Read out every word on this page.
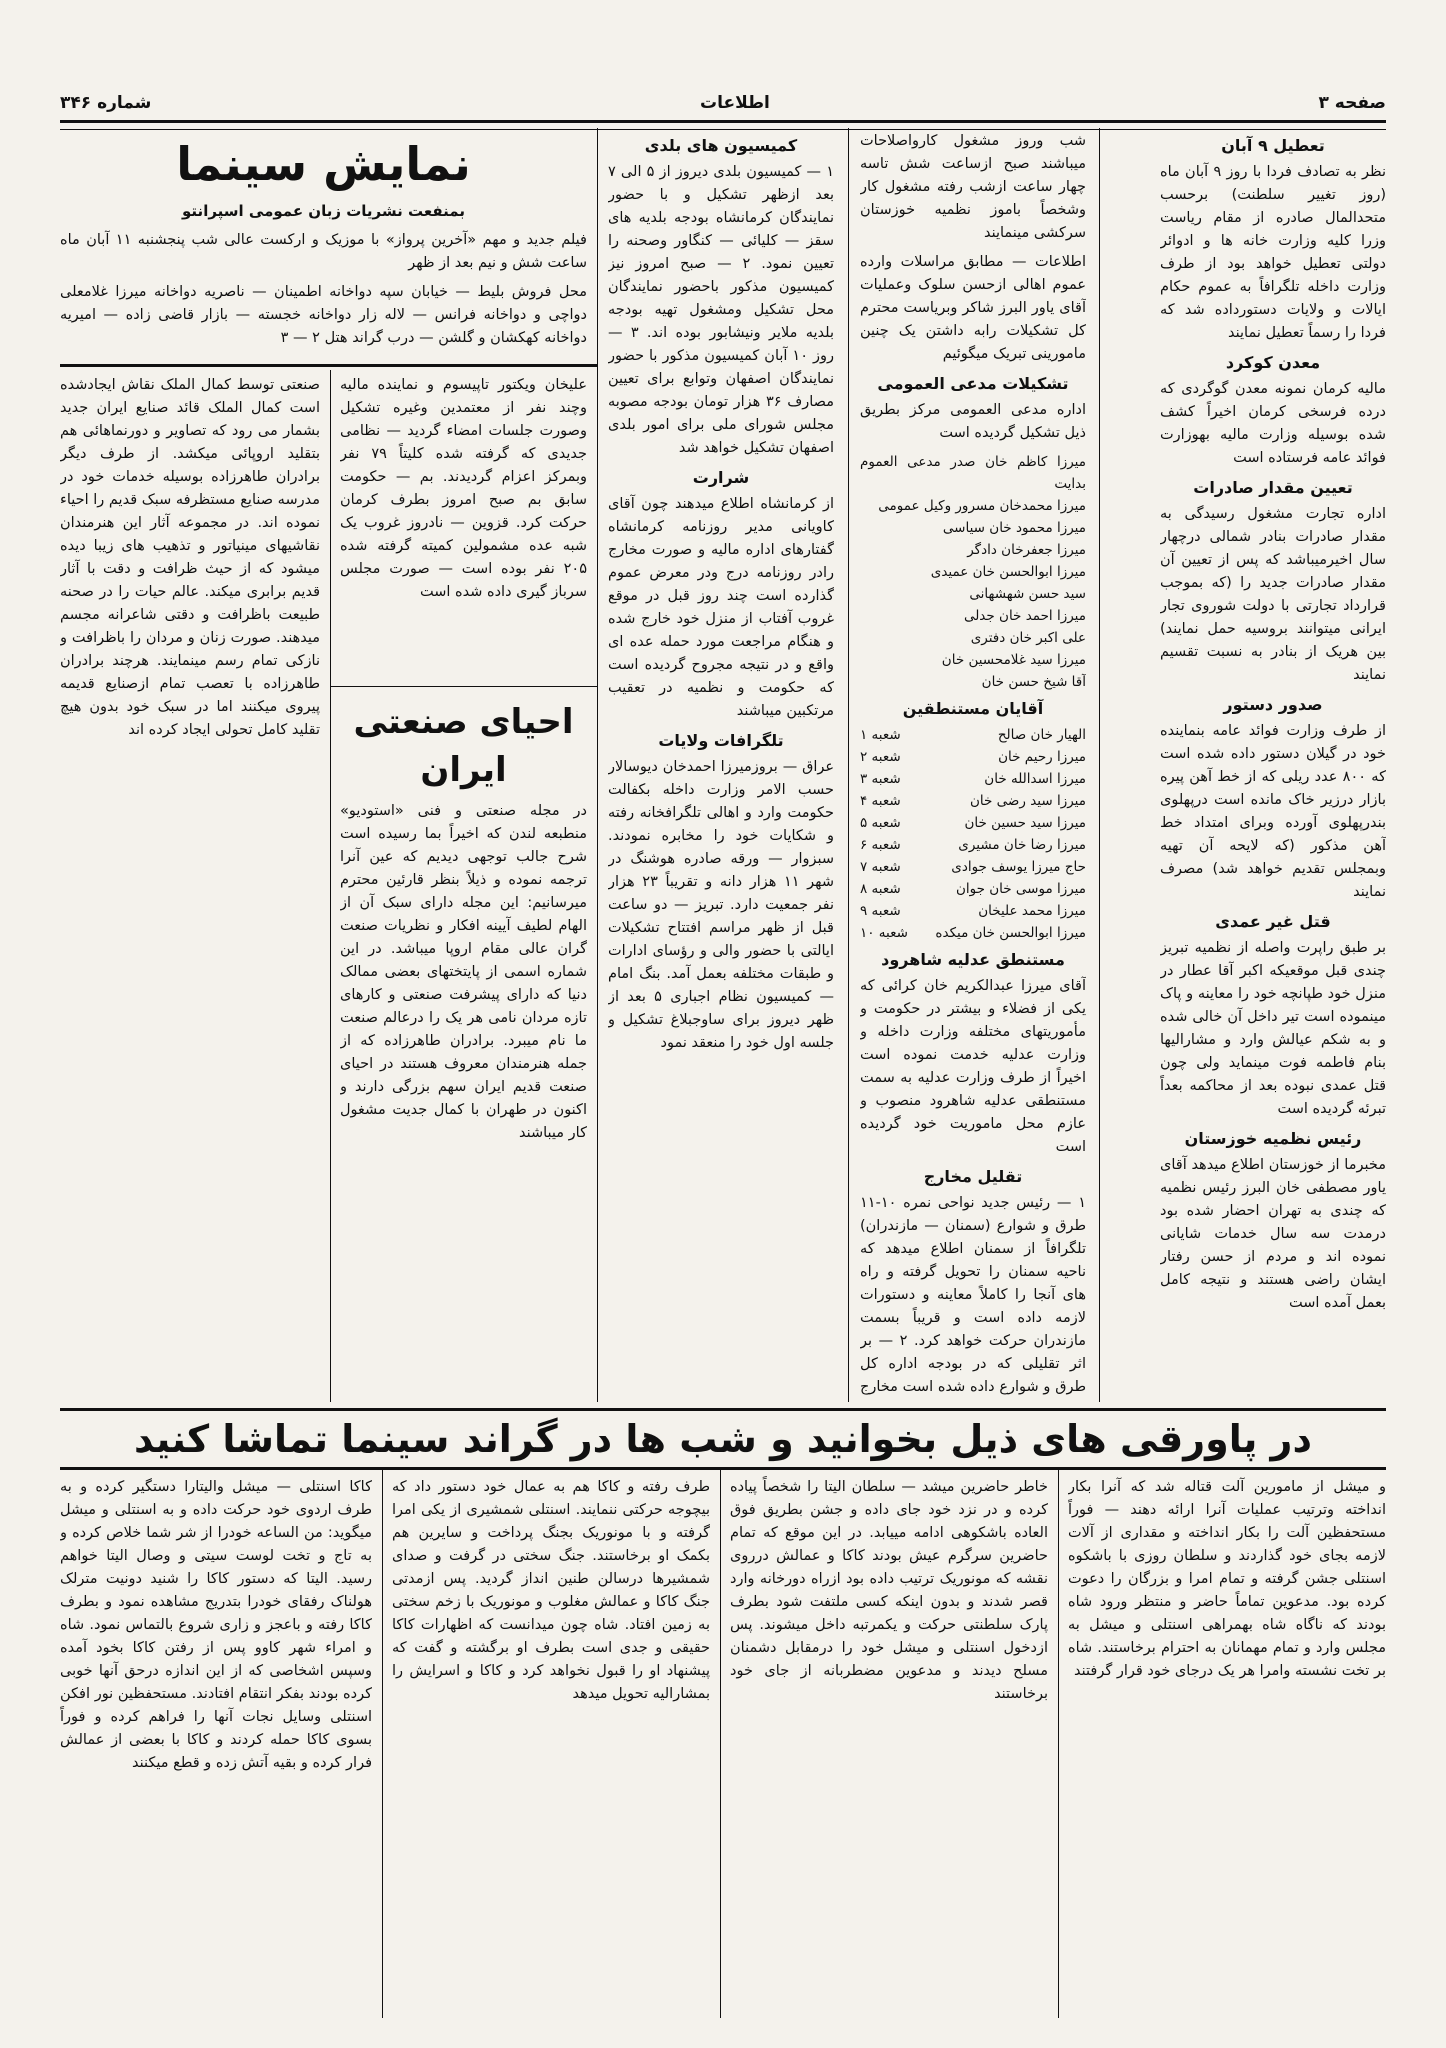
صفحه ۳
اطلاعات
شماره ۳۴۶
تعطیل ۹ آبان

نظر به تصادف فردا با روز ۹ آبان ماه (روز تغییر سلطنت) برحسب متحدالمال صادره از مقام ریاست وزرا کلیه وزارت خانه ها و ادوائر دولتی تعطیل خواهد بود از طرف وزارت داخله تلگرافاً به عموم حکام ایالات و ولایات دستورداده شد که فردا را رسماً تعطیل نمایند

معدن کوکرد

مالیه کرمان نمونه معدن گوگردی که درده فرسخی کرمان اخیراً کشف شده بوسیله وزارت مالیه بهوزارت فوائد عامه فرستاده است

تعیین مقدار صادرات

اداره تجارت مشغول رسیدگی به مقدار صادرات بنادر شمالی درچهار سال اخیرمیباشد که پس از تعیین آن مقدار صادرات جدید را (که بموجب قرارداد تجارتی با دولت شوروی تجار ایرانی میتوانند بروسیه حمل نمایند) بین هریک از بنادر به نسبت تقسیم نمایند

صدور دستور

از طرف وزارت فوائد عامه بنماینده خود در گیلان دستور داده شده است که ۸۰۰ عدد ریلی که از خط آهن پیره بازار درزیر خاک مانده است درپهلوی بندرپهلوی آورده وبرای امتداد خط آهن مذکور (که لایحه آن تهیه وبمجلس تقدیم خواهد شد) مصرف نمایند

قتل غیر عمدی

بر طبق راپرت واصله از نظمیه تبریز چندی قبل موقعیکه اکبر آقا عطار در منزل خود طپانچه خود را معاینه و پاک مینموده است تیر داخل آن خالی شده و به شکم عیالش وارد و مشارالیها بنام فاطمه فوت مینماید ولی چون قتل عمدی نبوده بعد از محاکمه بعداً تبرئه گردیده است

رئیس نظمیه خوزستان

مخبرما از خوزستان اطلاع میدهد آقای یاور مصطفی خان البرز رئیس نظمیه که چندی به تهران احضار شده بود درمدت سه سال خدمات شایانی نموده اند و مردم از حسن رفتار ایشان راضی هستند و نتیجه کامل بعمل آمده است

شب وروز مشغول کارواصلاحات میباشند صبح ازساعت شش تاسه چهار ساعت ازشب رفته مشغول کار وشخصاً باموز نظمیه خوزستان سرکشی مینمایند

اطلاعات — مطابق مراسلات وارده عموم اهالی ازحسن سلوک وعملیات آقای یاور البرز شاکر وبریاست محترم کل تشکیلات رابه داشتن یک چنین مامورینی تبریک میگوئیم

تشکیلات مدعی العمومی

اداره مدعی العمومی مرکز بطریق ذیل تشکیل گردیده است

میرزا کاظم خان صدر مدعی العموم بدایت
میرزا محمدخان مسرور وکیل عمومی
میرزا محمود خان سیاسی
میرزا جعفرخان دادگر
میرزا ابوالحسن خان عمیدی
سید حسن شهشهانی
میرزا احمد خان جدلی
علی اکبر خان دفتری
میرزا سید غلامحسین خان
آقا شیخ حسن خان
آقایان مستنطقین
الهیار خان صالح
شعبه ۱
میرزا رحیم خان
شعبه ۲
میرزا اسدالله خان
شعبه ۳
میرزا سید رضی خان
شعبه ۴
میرزا سید حسین خان
شعبه ۵
میرزا رضا خان مشیری
شعبه ۶
حاج میرزا یوسف جوادی
شعبه ۷
میرزا موسی خان جوان
شعبه ۸
میرزا محمد علیخان
شعبه ۹
میرزا ابوالحسن خان میکده
شعبه ۱۰
مستنطق عدلیه شاهرود

آقای میرزا عبدالکریم خان کرائی که یکی از فضلاء و بیشتر در حکومت و مأموریتهای مختلفه وزارت داخله و وزارت عدلیه خدمت نموده است اخیراً از طرف وزارت عدلیه به سمت مستنطقی عدلیه شاهرود منصوب و عازم محل ماموریت خود گردیده است

تقلیل مخارج

۱ — رئیس جدید نواحی نمره ۱۰-۱۱ طرق و شوارع (سمنان — مازندران) تلگرافاً از سمنان اطلاع میدهد که ناحیه سمنان را تحویل گرفته و راه های آنجا را کاملاً معاینه و دستورات لازمه داده است و قریباً بسمت مازندران حرکت خواهد کرد. ۲ — بر اثر تقلیلی که در بودجه اداره کل طرق و شوارع داده شده است مخارج

کمیسیون های بلدی

۱ — کمیسیون بلدی دیروز از ۵ الی ۷ بعد ازظهر تشکیل و با حضور نمایندگان کرمانشاه بودجه بلدیه های سقز — کلیائی — کنگاور وصحنه را تعیین نمود. ۲ — صبح امروز نیز کمیسیون مذکور باحضور نمایندگان محل تشکیل ومشغول تهیه بودجه بلدیه ملایر ونیشابور بوده اند. ۳ — روز ۱۰ آبان کمیسیون مذکور با حضور نمایندگان اصفهان وتوابع برای تعیین مصارف ۳۶ هزار تومان بودجه مصوبه مجلس شورای ملی برای امور بلدی اصفهان تشکیل خواهد شد

شرارت

از کرمانشاه اطلاع میدهند چون آقای کاویانی مدیر روزنامه کرمانشاه گفتارهای اداره مالیه و صورت مخارج رادر روزنامه درج ودر معرض عموم گذارده است چند روز قبل در موقع غروب آفتاب از منزل خود خارج شده و هنگام مراجعت مورد حمله عده ای واقع و در نتیجه مجروح گردیده است که حکومت و نظمیه در تعقیب مرتکبین میباشند

تلگرافات ولایات

عراق — بروزمیرزا احمدخان دیوسالار حسب الامر وزارت داخله بکفالت حکومت وارد و اهالی تلگرافخانه رفته و شکایات خود را مخابره نمودند. سبزوار — ورقه صادره هوشنگ در شهر ۱۱ هزار دانه و تقریباً ۲۳ هزار نفر جمعیت دارد. تبریز — دو ساعت قبل از ظهر مراسم افتتاح تشکیلات ایالتی با حضور والی و رؤسای ادارات و طبقات مختلفه بعمل آمد. بنگ امام — کمیسیون نظام اجباری ۵ بعد از ظهر دیروز برای ساوجبلاغ تشکیل و جلسه اول خود را منعقد نمود

نمایش سینما
بمنفعت نشریات زبان عمومی اسپرانتو

فیلم جدید و مهم «آخرین پرواز» با موزیک و ارکست عالی شب پنجشنبه ۱۱ آبان ماه ساعت شش و نیم بعد از ظهر

محل فروش بلیط — خیابان سپه دواخانه اطمینان — ناصریه دواخانه میرزا غلامعلی دواچی و دواخانه فرانس — لاله زار دواخانه خجسته — بازار قاضی زاده — امیریه دواخانه کهکشان و گلشن — درب گراند هتل ۲ — ۳

علیخان ویکتور تاپیسوم و نماینده مالیه وچند نفر از معتمدین وغیره تشکیل وصورت جلسات امضاء گردید — نظامی جدیدی که گرفته شده کلیتاً ۷۹ نفر وبمرکز اعزام گردیدند. بم — حکومت سابق بم صبح امروز بطرف کرمان حرکت کرد. قزوین — نادروز غروب یک شبه عده مشمولین کمیته گرفته شده ۲۰۵ نفر بوده است — صورت مجلس سرباز گیری داده شده است

احیای صنعتی ایران

در مجله صنعتی و فنی «استودیو» منطبعه لندن که اخیراً بما رسیده است شرح جالب توجهی دیدیم که عین آنرا ترجمه نموده و ذیلاً بنظر قارئین محترم میرسانیم: این مجله دارای سبک آن از الهام لطیف آیینه افکار و نظریات صنعت گران عالی مقام اروپا میباشد. در این شماره اسمی از پایتختهای بعضی ممالک دنیا که دارای پیشرفت صنعتی و کارهای تازه مردان نامی هر یک را درعالم صنعت ما نام میبرد. برادران طاهرزاده که از جمله هنرمندان معروف هستند در احیای صنعت قدیم ایران سهم بزرگی دارند و اکنون در طهران با کمال جدیت مشغول کار میباشند

صنعتی توسط کمال الملک نقاش ایجادشده است کمال الملک قائد صنایع ایران جدید بشمار می رود که تصاویر و دورنماهائی هم بتقلید اروپائی میکشد. از طرف دیگر برادران طاهرزاده بوسیله خدمات خود در مدرسه صنایع مستظرفه سبک قدیم را احیاء نموده اند. در مجموعه آثار این هنرمندان نقاشیهای مینیاتور و تذهیب های زیبا دیده میشود که از حیث ظرافت و دقت با آثار قدیم برابری میکند. عالم حیات را در صحنه طبیعت باظرافت و دقتی شاعرانه مجسم میدهند. صورت زنان و مردان را باظرافت و نازکی تمام رسم مینمایند. هرچند برادران طاهرزاده با تعصب تمام ازصنایع قدیمه پیروی میکنند اما در سبک خود بدون هیچ تقلید کامل تحولی ایجاد کرده اند

در پاورقی های ذیل بخوانید و شب ها در گراند سینما تماشا کنید

و میشل از مامورین آلت قتاله شد که آنرا بکار انداخته وترتیب عملیات آنرا ارائه دهند — فوراً مستحفظین آلت را بکار انداخته و مقداری از آلات لازمه بجای خود گذاردند و سلطان روزی با باشکوه اسنتلی جشن گرفته و تمام امرا و بزرگان را دعوت کرده بود. مدعوین تماماً حاضر و منتظر ورود شاه بودند که ناگاه شاه بهمراهی اسنتلی و میشل به مجلس وارد و تمام مهمانان به احترام برخاستند. شاه بر تخت نشسته وامرا هر یک درجای خود قرار گرفتند

خاطر حاضرین میشد — سلطان الیتا را شخصاً پیاده کرده و در نزد خود جای داده و جشن بطریق فوق العاده باشکوهی ادامه مییابد. در این موقع که تمام حاضرین سرگرم عیش بودند کاکا و عمالش درروی نقشه که مونوریک ترتیب داده بود ازراه دورخانه وارد قصر شدند و بدون اینکه کسی ملتفت شود بطرف پارک سلطنتی حرکت و یکمرتبه داخل میشوند. پس ازدخول اسنتلی و میشل خود را درمقابل دشمنان مسلح دیدند و مدعوین مضطربانه از جای خود برخاستند

طرف رفته و کاکا هم به عمال خود دستور داد که بیچوجه حرکتی ننمایند. اسنتلی شمشیری از یکی امرا گرفته و با مونوریک بجنگ پرداخت و سایرین هم بکمک او برخاستند. جنگ سختی در گرفت و صدای شمشیرها درسالن طنین انداز گردید. پس ازمدتی جنگ کاکا و عمالش مغلوب و مونوریک با زخم سختی به زمین افتاد. شاه چون میدانست که اظهارات کاکا حقیقی و جدی است بطرف او برگشته و گفت که پیشنهاد او را قبول نخواهد کرد و کاکا و اسرایش را بمشارالیه تحویل میدهد

کاکا اسنتلی — میشل والیتارا دستگیر کرده و به طرف اردوی خود حرکت داده و به اسنتلی و میشل میگوید: من الساعه خودرا از شر شما خلاص کرده و به تاج و تخت لوست سیتی و وصال الیتا خواهم رسید. الیتا که دستور کاکا را شنید دونیت مترلک هولناک رفقای خودرا بتدریج مشاهده نمود و بطرف کاکا رفته و باعجز و زاری شروع بالتماس نمود. شاه و امراء شهر کاوو پس از رفتن کاکا بخود آمده وسپس اشخاصی که از این اندازه درحق آنها خوبی کرده بودند بفکر انتقام افتادند. مستحفظین نور افکن اسنتلی وسایل نجات آنها را فراهم کرده و فوراً بسوی کاکا حمله کردند و کاکا با بعضی از عمالش فرار کرده و بقیه آتش زده و قطع میکنند
